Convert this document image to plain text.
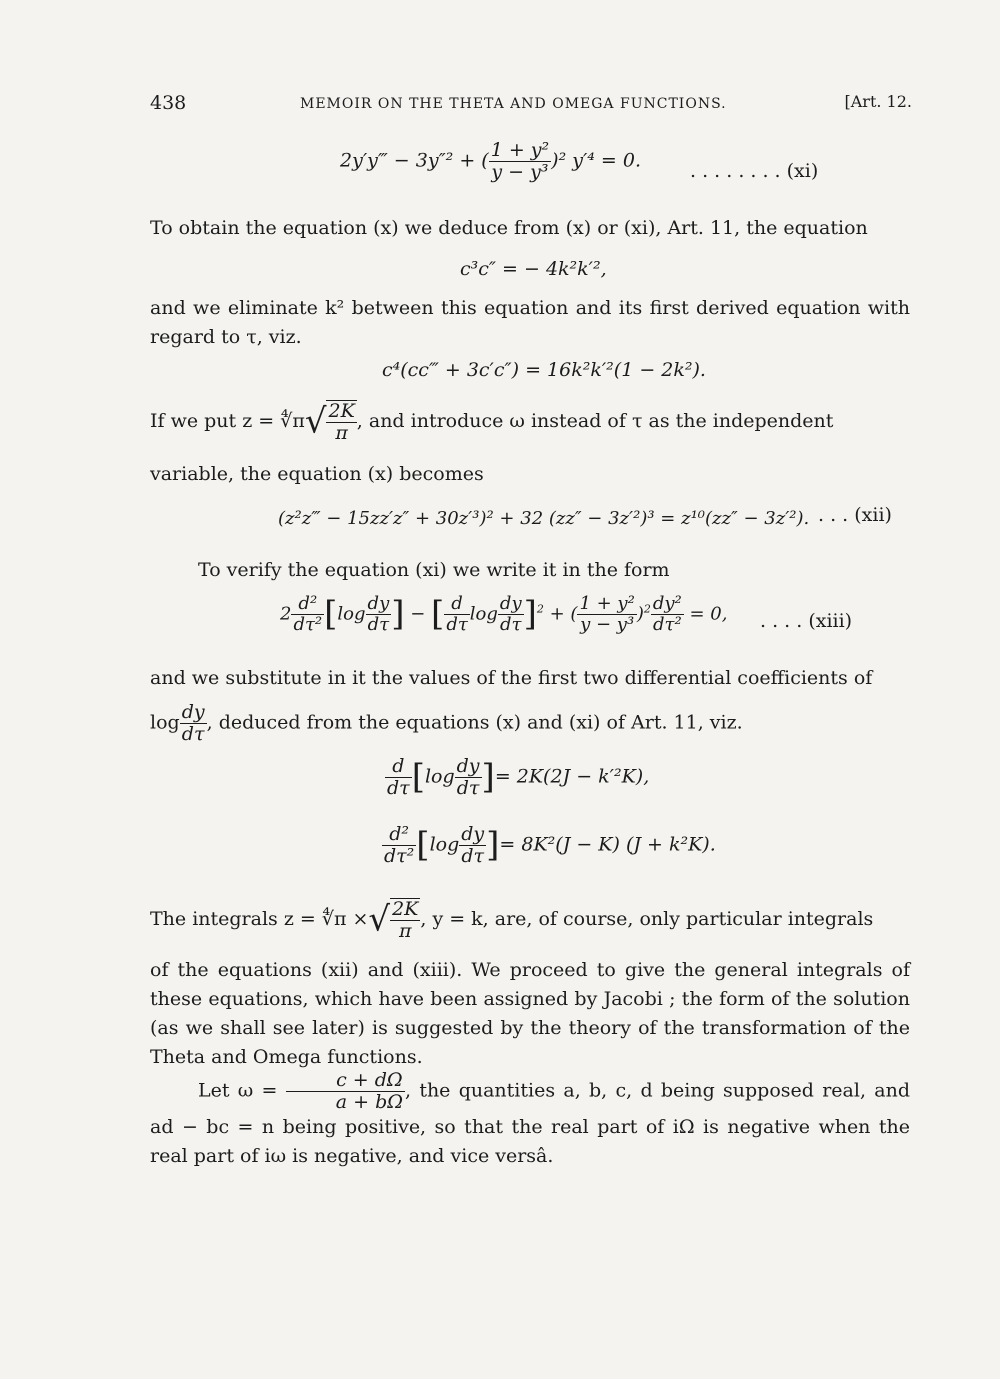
438	MEMOIR ON THE THETA AND OMEGA FUNCTIONS.	[Art. 12.
2y′y‴ − 3y″² + ( $\frac{\text{1 + y²}}{\text{y − y³}} )^2$ y′⁴ = 0.	. . . . . . . . (xi)
To obtain the equation (x) we deduce from (x) or (xi), Art. 11, the equation
c³c″ = − 4k²k′²,
and we eliminate k² between this equation and its first derived equation with regard to τ, viz.
c⁴(cc‴ + 3c′c″) = 16k²k′²(1 − 2k²).
If we put z = ∜π√ $\frac{2K}{\pi}$ , and introduce ω instead of τ as the independent
variable, the equation (x) becomes
(z²z‴ − 15zz′z″ + 30z′³)² + 32 (zz″ − 3z′²)³ = z¹⁰(zz″ − 3z′²). . . . (xii)
To verify the equation (xi) we write it in the form
$2 \frac{\text{d²}}{\text{dτ²}} [\log \frac{dy}{d\tau}$ ] − [ $\frac{d}{d\tau}$ $\log \frac{dy}{d\tau} ]^2$ + ( $\frac{\text{1 + y²}}{\text{y − y³}} )^2 \frac{\text{dy²}}{\text{dτ²}} = 0$, . . . . (xiii)
and we substitute in it the values of the first two differential coefficients of
$\log \frac{dy}{d\tau}$ , deduced from the equations (x) and (xi) of Art. 11, viz.
$\frac{d}{d\tau} [\log \frac{dy}{d\tau}$ ]= 2K(2J − k′²K),
$\frac{\text{d²}}{\text{dτ²}} [\log \frac{dy}{d\tau}$ ]= 8K²(J − K) (J + k²K).
The integrals z = ∜π ×√ $\frac{2K}{\pi}$ , y = k, are, of course, only particular integrals
of the equations (xii) and (xiii). We proceed to give the general integrals of these equations, which have been assigned by Jacobi ; the form of the solution (as we shall see later) is suggested by the theory of the transformation of the Theta and Omega functions.
Let $\omega = \frac{c + d\Omega}{a + b\Omega}$ , the quantities a, b, c, d being supposed real, and ad − bc = n being positive, so that the real part of iΩ is negative when the real part of iω is negative, and vice versâ.
